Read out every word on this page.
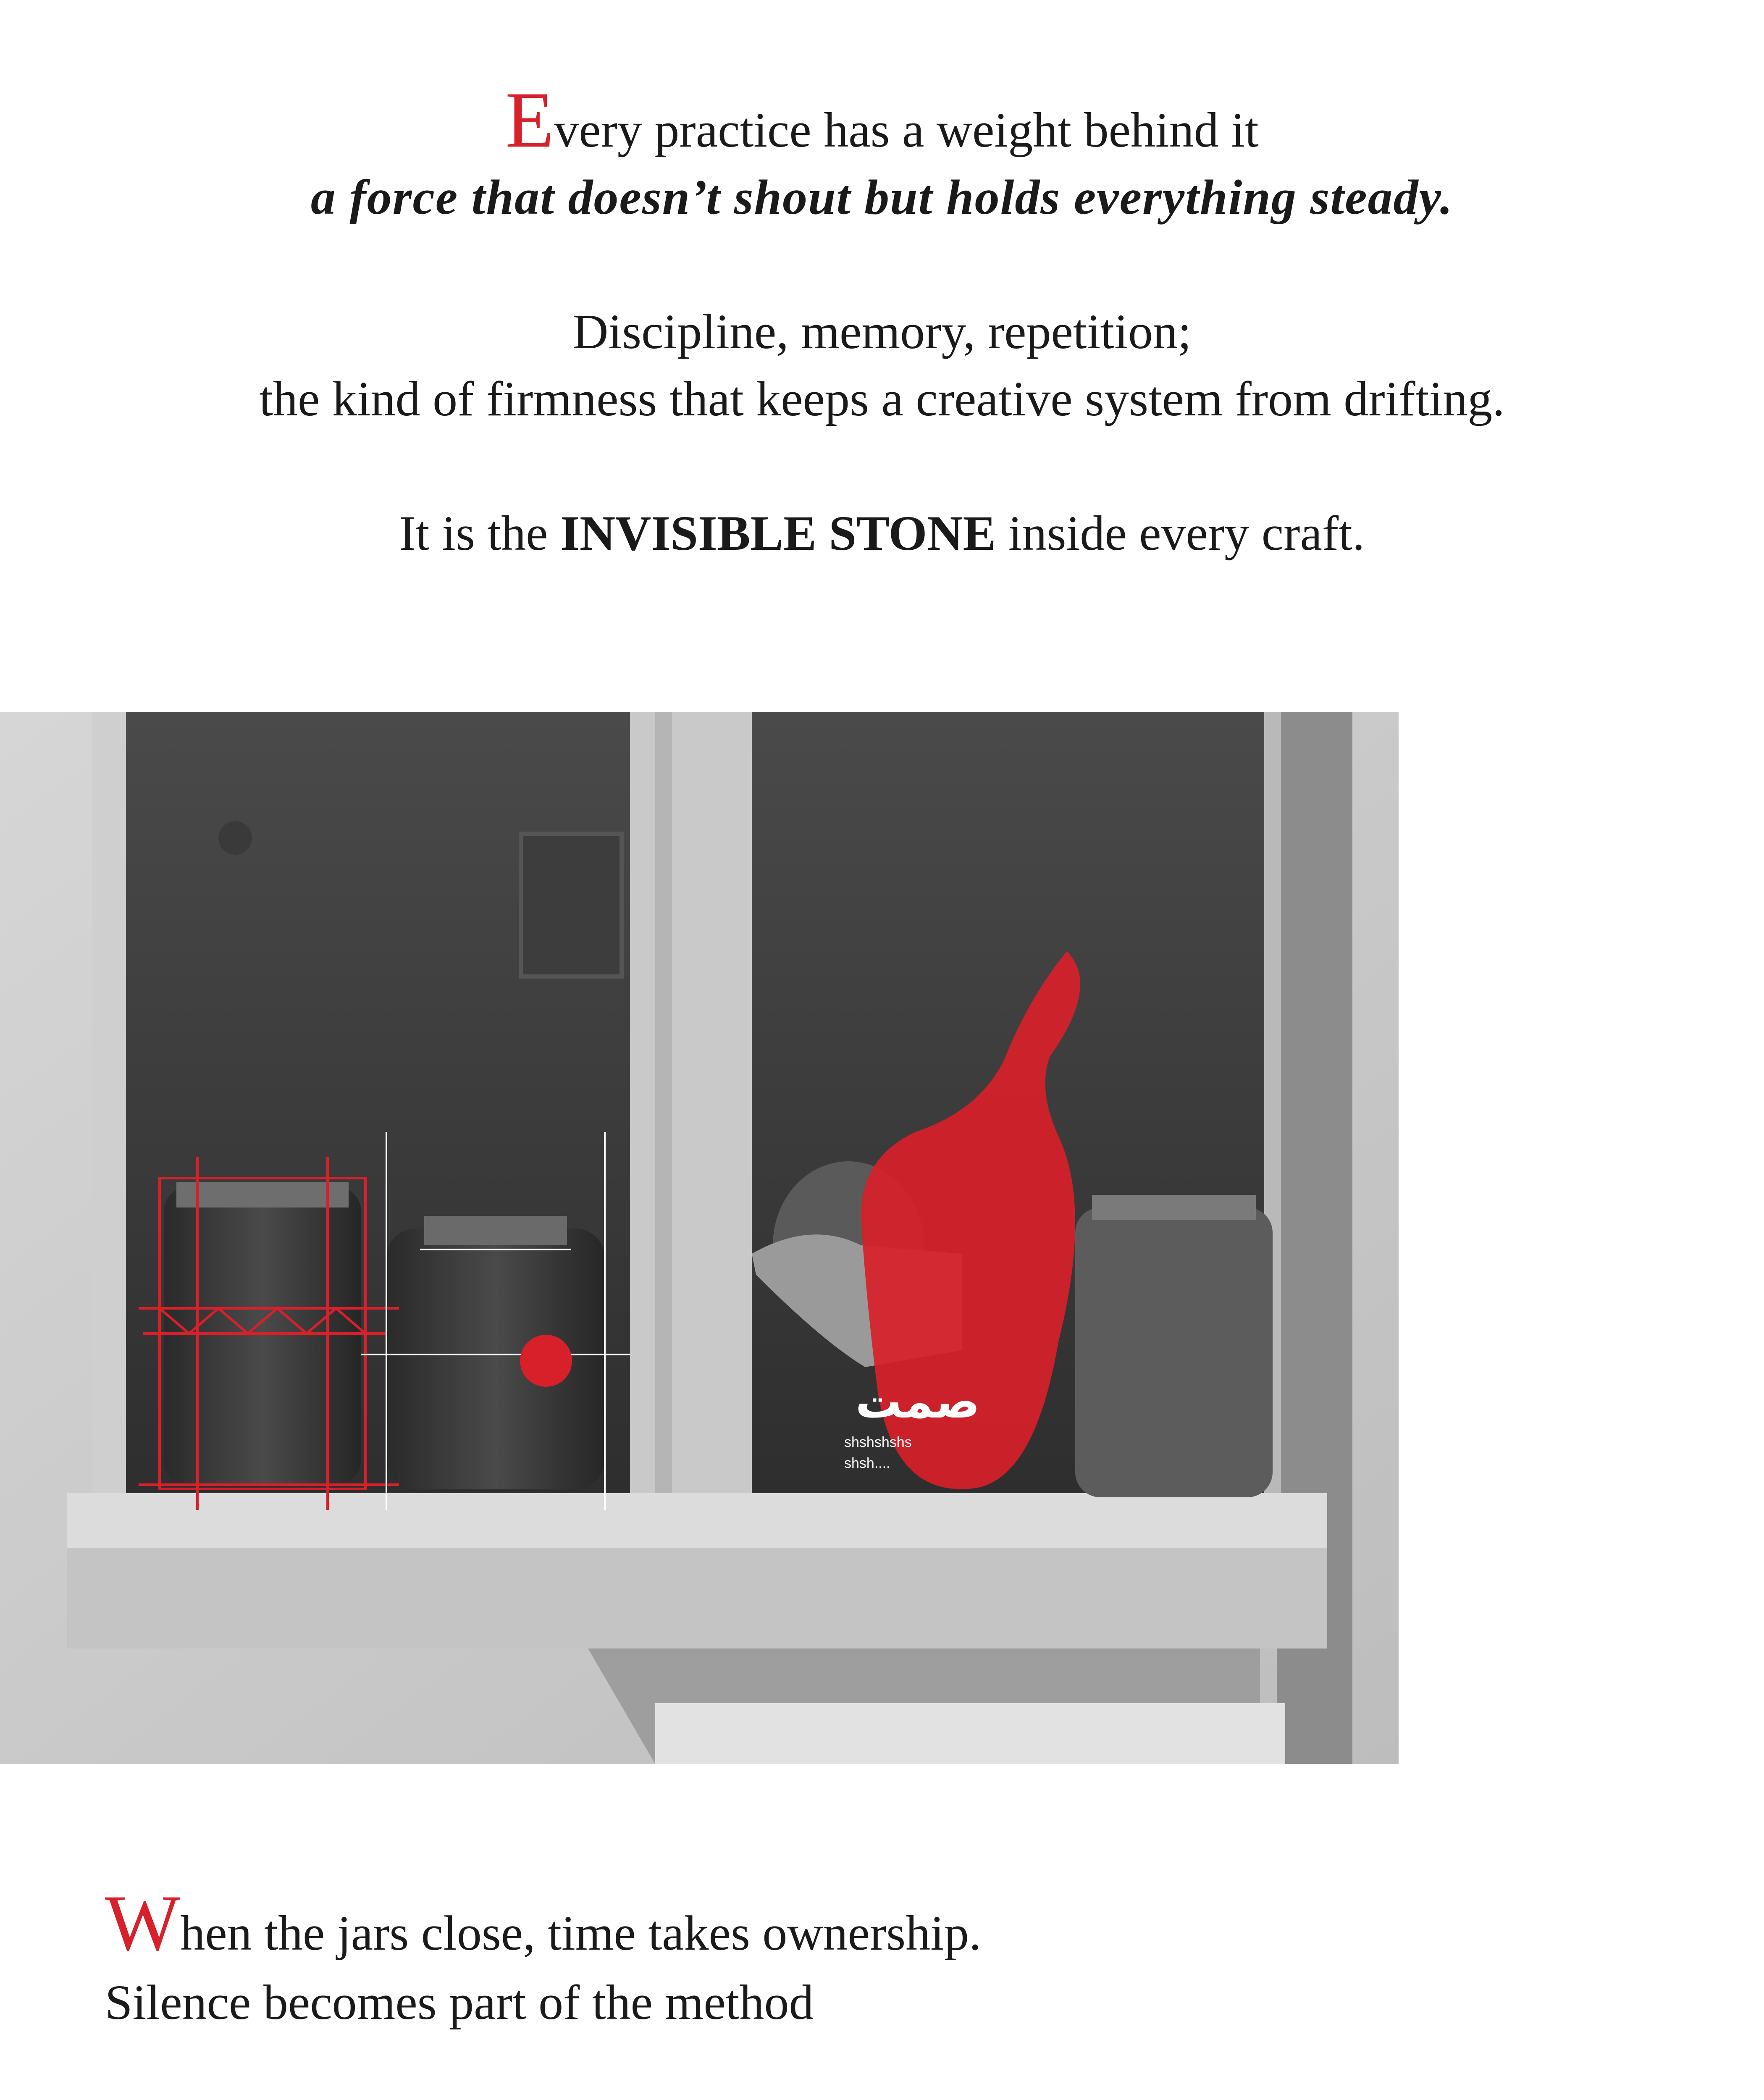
Every practice has a weight behind it

a force that doesn’t shout but holds everything steady.

Discipline, memory, repetition;

the kind of firmness that keeps a creative system from drifting.

It is the INVISIBLE STONE inside every craft.

صمت
shshshshs
shsh....

When the jars close, time takes ownership.

Silence becomes part of the method
